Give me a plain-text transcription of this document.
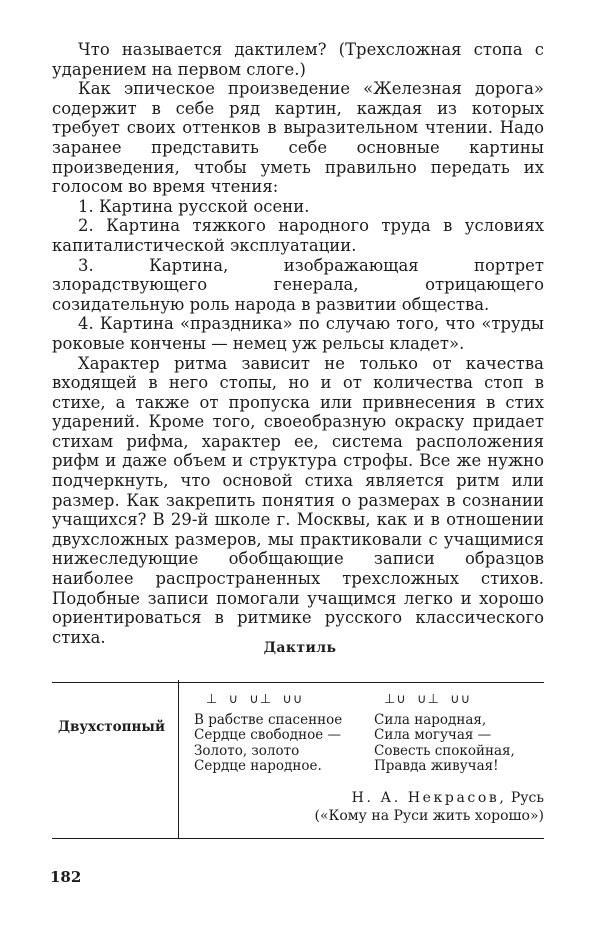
Что называется дактилем? (Трехсложная стопа с ударением на первом слоге.)

Как эпическое произведение «Железная дорога» содержит в себе ряд картин, каждая из которых требует своих оттенков в выразительном чтении. Надо заранее представить себе основные картины произведения, чтобы уметь правильно передать их голосом во время чтения:

1. Картина русской осени.

2. Картина тяжкого народного труда в условиях капиталистической эксплуатации.

3. Картина, изображающая портрет злорадствующего генерала, отрицающего созидательную роль народа в развитии общества.

4. Картина «праздника» по случаю того, что «труды роковые кончены — немец уж рельсы кладет».

Характер ритма зависит не только от качества входящей в него стопы, но и от количества стоп в стихе, а также от пропуска или привнесения в стих ударений. Кроме того, своеобразную окраску придает стихам рифма, характер ее, система расположения рифм и даже объем и структура строфы. Все же нужно подчеркнуть, что основой стиха является ритм или размер. Как закрепить понятия о размерах в сознании учащихся? В 29-й школе г. Москвы, как и в отношении двухсложных размеров, мы практиковали с учащимися нижеследующие обобщающие записи образцов наиболее распространенных трехсложных стихов. Подобные записи помогали учащимся легко и хорошо ориентироваться в ритмике русского классического стиха.

Дактиль
Двухстопный
⊥  ∪  ∪⊥  ∪∪	⊥∪  ∪⊥  ∪∪
В рабстве спасенное
Сердце свободное —
Золото, золото
Сердце народное.
Сила народная,
Сила могучая —
Совесть спокойная,
Правда живучая!
Н. А. Некрасов, Русь
(«Кому на Руси жить хорошо»)
182
